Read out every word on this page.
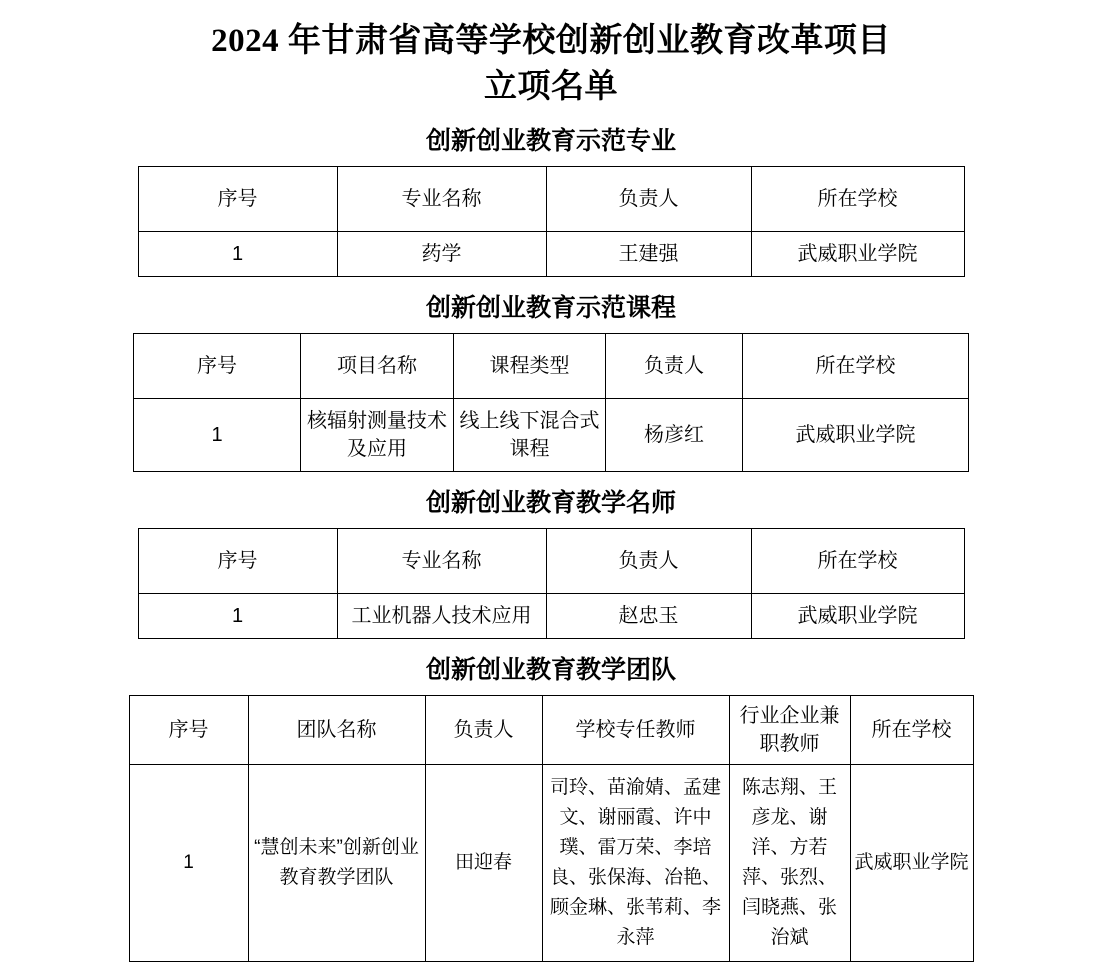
2024 年甘肃省高等学校创新创业教育改革项目
立项名单
创新创业教育示范专业
序号	专业名称	负责人	所在学校
1	药学	王建强	武威职业学院
创新创业教育示范课程
序号	项目名称	课程类型	负责人	所在学校
1	核辐射测量技术及应用	线上线下混合式课程	杨彦红	武威职业学院
创新创业教育教学名师
序号	专业名称	负责人	所在学校
1	工业机器人技术应用	赵忠玉	武威职业学院
创新创业教育教学团队
序号	团队名称	负责人	学校专任教师	行业企业兼职教师	所在学校
1	“慧创未来”创新创业教育教学团队	田迎春	司玲、苗渝婧、孟建文、谢丽霞、许中璞、雷万荣、李培良、张保海、冶艳、顾金琳、张苇莉、李永萍	陈志翔、王彦龙、谢洋、方若萍、张烈、闫晓燕、张治斌	武威职业学院
